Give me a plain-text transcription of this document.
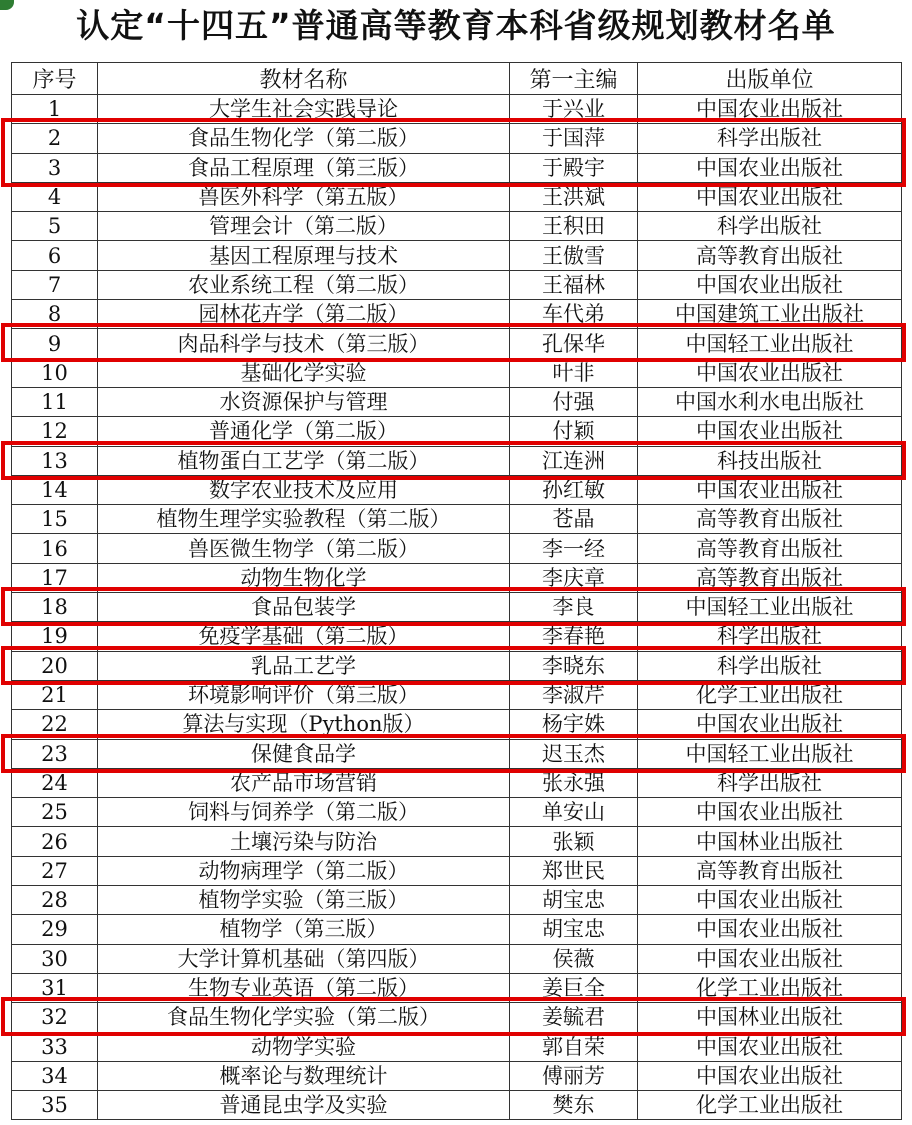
认定“十四五”普通高等教育本科省级规划教材名单
序号	教材名称	第一主编	出版单位
1	大学生社会实践导论	于兴业	中国农业出版社
2	食品生物化学（第二版）	于国萍	科学出版社
3	食品工程原理（第三版）	于殿宇	中国农业出版社
4	兽医外科学（第五版）	王洪斌	中国农业出版社
5	管理会计（第二版）	王积田	科学出版社
6	基因工程原理与技术	王傲雪	高等教育出版社
7	农业系统工程（第二版）	王福林	中国农业出版社
8	园林花卉学（第二版）	车代弟	中国建筑工业出版社
9	肉品科学与技术（第三版）	孔保华	中国轻工业出版社
10	基础化学实验	叶非	中国农业出版社
11	水资源保护与管理	付强	中国水利水电出版社
12	普通化学（第二版）	付颖	中国农业出版社
13	植物蛋白工艺学（第二版）	江连洲	科技出版社
14	数字农业技术及应用	孙红敏	中国农业出版社
15	植物生理学实验教程（第二版）	苍晶	高等教育出版社
16	兽医微生物学（第二版）	李一经	高等教育出版社
17	动物生物化学	李庆章	高等教育出版社
18	食品包装学	李良	中国轻工业出版社
19	免疫学基础（第二版）	李春艳	科学出版社
20	乳品工艺学	李晓东	科学出版社
21	环境影响评价（第三版）	李淑芹	化学工业出版社
22	算法与实现（Python版）	杨宇姝	中国农业出版社
23	保健食品学	迟玉杰	中国轻工业出版社
24	农产品市场营销	张永强	科学出版社
25	饲料与饲养学（第二版）	单安山	中国农业出版社
26	土壤污染与防治	张颖	中国林业出版社
27	动物病理学（第二版）	郑世民	高等教育出版社
28	植物学实验（第三版）	胡宝忠	中国农业出版社
29	植物学（第三版）	胡宝忠	中国农业出版社
30	大学计算机基础（第四版）	侯薇	中国农业出版社
31	生物专业英语（第二版）	姜巨全	化学工业出版社
32	食品生物化学实验（第二版）	姜毓君	中国林业出版社
33	动物学实验	郭自荣	中国农业出版社
34	概率论与数理统计	傅丽芳	中国农业出版社
35	普通昆虫学及实验	樊东	化学工业出版社
